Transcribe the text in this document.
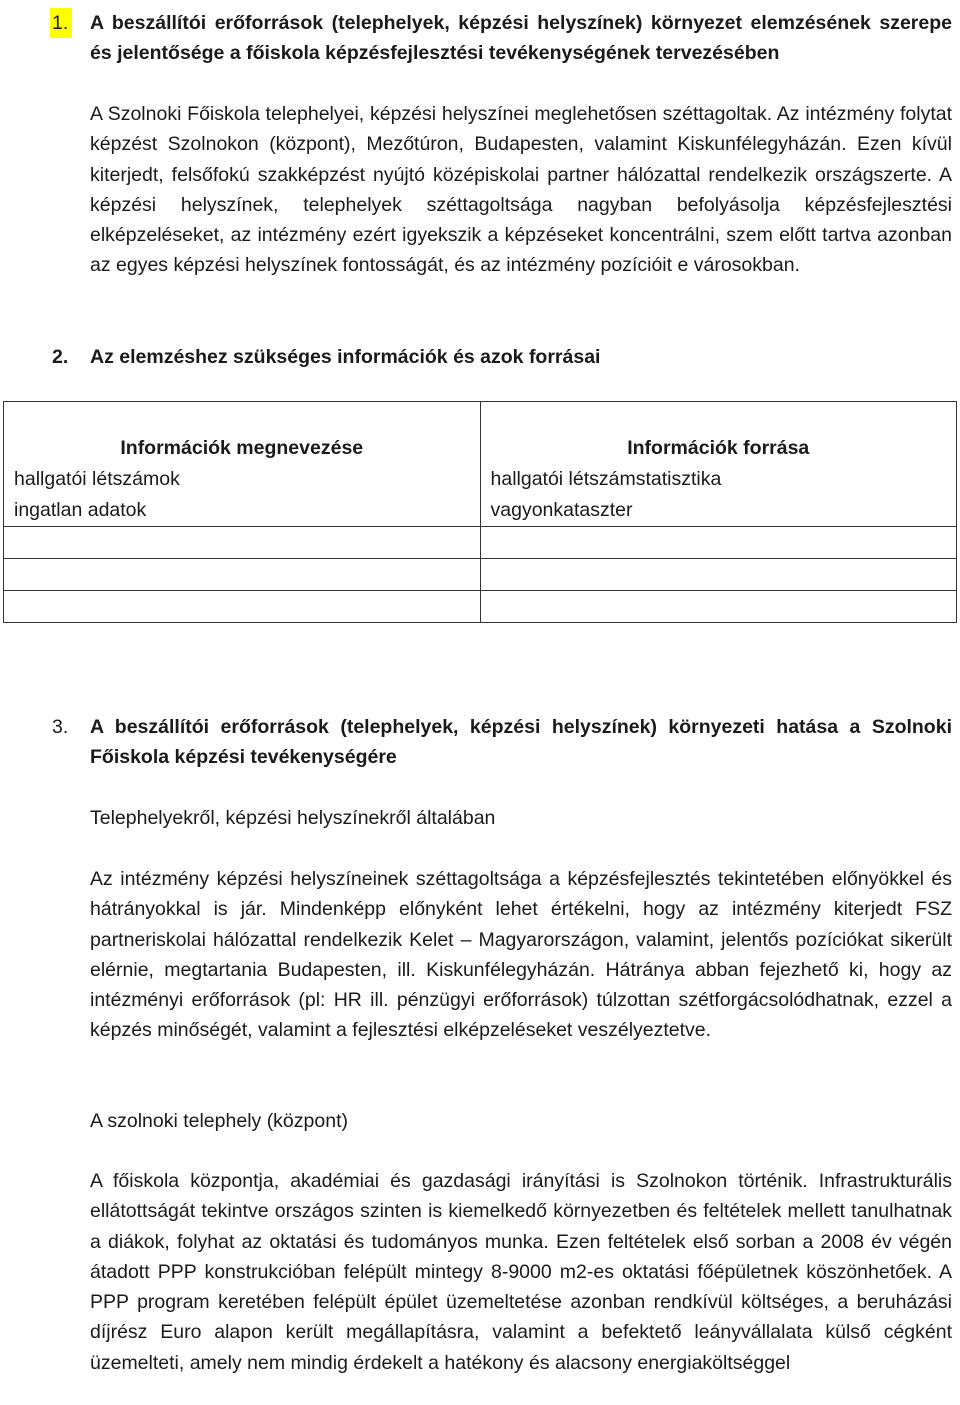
1. A beszállítói erőforrások (telephelyek, képzési helyszínek) környezet elemzésének szerepe és jelentősége a főiskola képzésfejlesztési tevékenységének tervezésében

A Szolnoki Főiskola telephelyei, képzési helyszínei meglehetősen széttagoltak. Az intézmény folytat képzést Szolnokon (központ), Mezőtúron, Budapesten, valamint Kiskunfélegyházán. Ezen kívül kiterjedt, felsőfokú szakképzést nyújtó középiskolai partner hálózattal rendelkezik országszerte. A képzési helyszínek, telephelyek széttagoltsága nagyban befolyásolja képzésfejlesztési elképzeléseket, az intézmény ezért igyekszik a képzéseket koncentrálni, szem előtt tartva azonban az egyes képzési helyszínek fontosságát, és az intézmény pozícióit e városokban.

2. Az elemzéshez szükséges információk és azok forrásai

Információk megnevezése	Információk forrása
hallgatói létszámok	hallgatói létszámstatisztika
ingatlan adatok	vagyonkataszter

3. A beszállítói erőforrások (telephelyek, képzési helyszínek) környezeti hatása a Szolnoki Főiskola képzési tevékenységére

Telephelyekről, képzési helyszínekről általában

Az intézmény képzési helyszíneinek széttagoltsága a képzésfejlesztés tekintetében előnyökkel és hátrányokkal is jár. Mindenképp előnyként lehet értékelni, hogy az intézmény kiterjedt FSZ partneriskolai hálózattal rendelkezik Kelet – Magyarországon, valamint, jelentős pozíciókat sikerült elérnie, megtartania Budapesten, ill. Kiskunfélegyházán. Hátránya abban fejezhető ki, hogy az intézményi erőforrások (pl: HR ill. pénzügyi erőforrások) túlzottan szétforgácsolódhatnak, ezzel a képzés minőségét, valamint a fejlesztési elképzeléseket veszélyeztetve.

A szolnoki telephely (központ)

A főiskola központja, akadémiai és gazdasági irányítási is Szolnokon történik. Infrastrukturális ellátottságát tekintve országos szinten is kiemelkedő környezetben és feltételek mellett tanulhatnak a diákok, folyhat az oktatási és tudományos munka. Ezen feltételek első sorban a 2008 év végén átadott PPP konstrukcióban felépült mintegy 8-9000 m2-es oktatási főépületnek köszönhetőek. A PPP program keretében felépült épület üzemeltetése azonban rendkívül költséges, a beruházási díjrész Euro alapon került megállapításra, valamint a befektető leányvállalata külső cégként üzemelteti, amely nem mindig érdekelt a hatékony és alacsony energiaköltséggel
